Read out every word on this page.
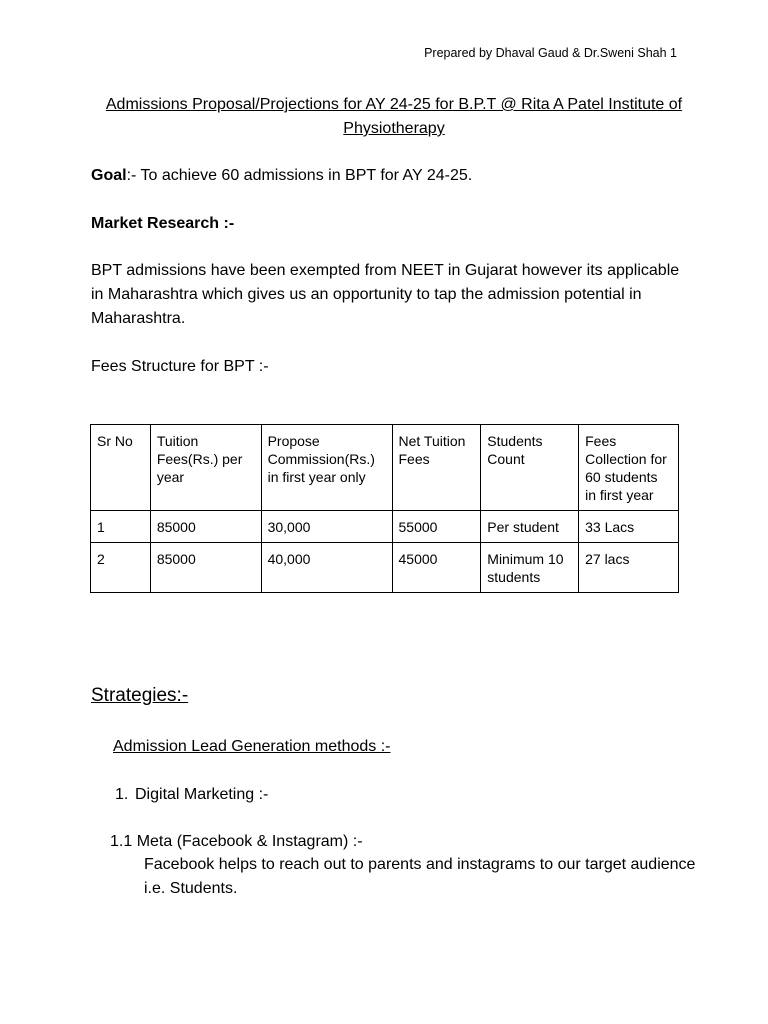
Prepared by Dhaval Gaud & Dr.Sweni Shah 1
Admissions Proposal/Projections for AY 24-25 for B.P.T @ Rita A Patel Institute of Physiotherapy
Goal:- To achieve 60 admissions in BPT for AY 24-25.
Market Research :-
BPT admissions have been exempted from NEET in Gujarat however its applicable in Maharashtra which gives us an opportunity to tap the admission potential in Maharashtra.
Fees Structure for BPT :-
Sr No	Tuition Fees(Rs.) per year	Propose Commission(Rs.) in first year only	Net Tuition Fees	Students Count	Fees Collection for 60 students in first year
1	85000	30,000	55000	Per student	33 Lacs
2	85000	40,000	45000	Minimum 10 students	27 lacs
Strategies:-
Admission Lead Generation methods :-
1. Digital Marketing :-
1.1 Meta (Facebook & Instagram) :-
Facebook helps to reach out to parents and instagrams to our target audience i.e. Students.
